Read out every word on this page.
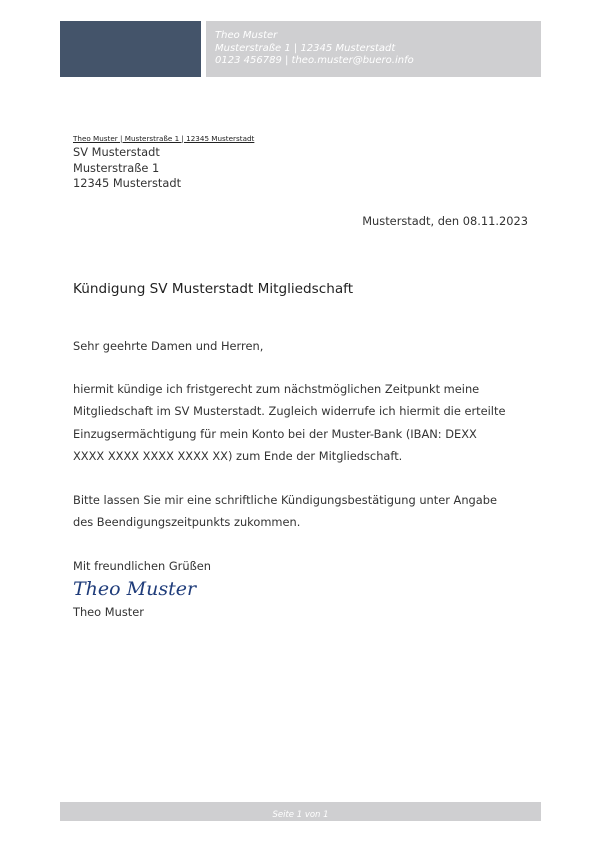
Theo Muster
Musterstraße 1 | 12345 Musterstadt
0123 456789 | theo.muster@buero.info
Theo Muster | Musterstraße 1 | 12345 Musterstadt
SV Musterstadt
Musterstraße 1
12345 Musterstadt
Musterstadt, den 08.11.2023
Kündigung SV Musterstadt Mitgliedschaft
Sehr geehrte Damen und Herren,
hiermit kündige ich fristgerecht zum nächstmöglichen Zeitpunkt meine
Mitgliedschaft im SV Musterstadt. Zugleich widerrufe ich hiermit die erteilte
Einzugsermächtigung für mein Konto bei der Muster-Bank (IBAN: DEXX
XXXX XXXX XXXX XXXX XX) zum Ende der Mitgliedschaft.
Bitte lassen Sie mir eine schriftliche Kündigungsbestätigung unter Angabe
des Beendigungszeitpunkts zukommen.
Mit freundlichen Grüßen
Theo Muster
Theo Muster
Seite 1 von 1
